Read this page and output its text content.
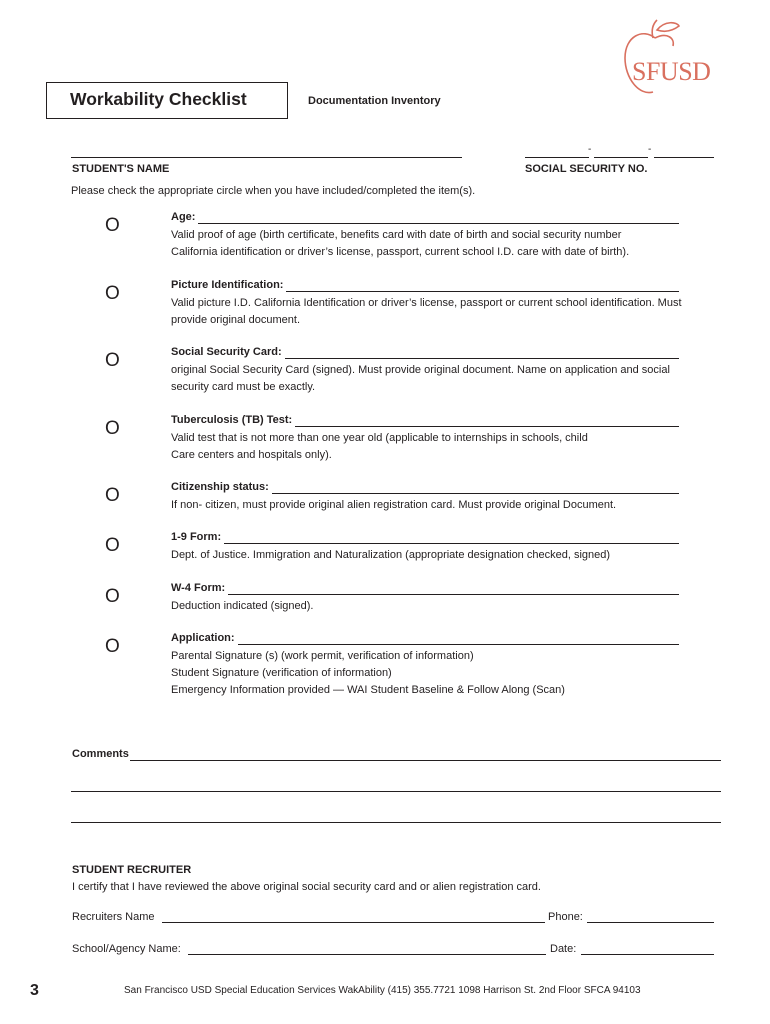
Workability Checklist	Documentation Inventory
SFUSD
STUDENT'S NAME
-	-
SOCIAL SECURITY NO.
Please check the appropriate circle when you have included/completed the item(s).
O	Age:
Valid proof of age (birth certificate, benefits card with date of birth and social security number
California identification or driver’s license, passport, current school I.D. care with date of birth).
O	Picture Identification:
Valid picture I.D. California Identification or driver’s license, passport or current school identification. Must
provide original document.
O	Social Security Card:
original Social Security Card (signed). Must provide original document. Name on application and social
security card must be exactly.
O	Tuberculosis (TB) Test:
Valid test that is not more than one year old (applicable to internships in schools, child
Care centers and hospitals only).
O	Citizenship status:
If non- citizen, must provide original alien registration card. Must provide original Document.
O	1-9 Form:
Dept. of Justice. Immigration and Naturalization (appropriate designation checked, signed)
O	W-4 Form:
Deduction indicated (signed).
O	Application:
Parental Signature (s) (work permit, verification of information)
Student Signature (verification of information)
Emergency Information provided — WAI Student Baseline & Follow Along (Scan)
Comments
STUDENT RECRUITER
I certify that I have reviewed the above original social security card and or alien registration card.
Recruiters Name	Phone:
School/Agency Name:	Date:
3	San Francisco USD Special Education Services WakAbility (415) 355.7721 1098 Harrison St. 2nd Floor SFCA 94103
